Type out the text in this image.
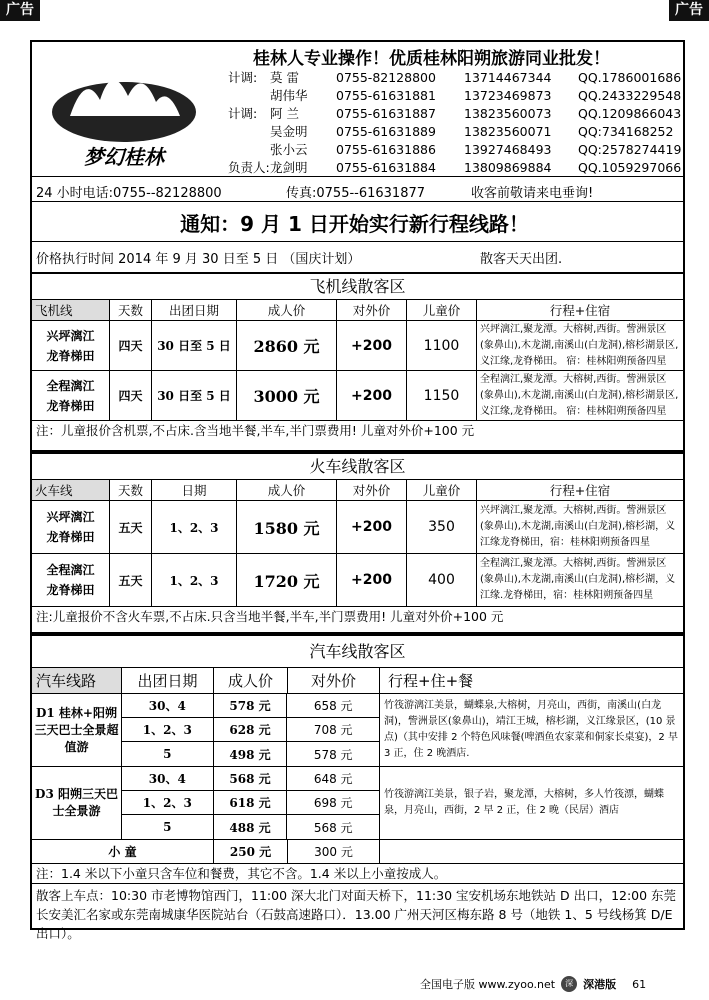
广告	广告
梦幻桂林
桂林人专业操作！优质桂林阳朔旅游同业批发！
计调:	莫 雷	0755-82128800	13714467344	QQ.1786001686
胡伟华	0755-61631881	13723469873	QQ.2433229548
计调:	阿 兰	0755-61631887	13823560073	QQ.1209866043
吴金明	0755-61631889	13823560071	QQ:734168252
张小云	0755-61631886	13927468493	QQ:2578274419
负责人: 龙剑明	0755-61631884	13809869884	QQ.1059297066
24 小时电话:0755--82128800	传真:0755--61631877	收客前敬请来电垂询!
通知：9 月 1 日开始实行新行程线路！
价格执行时间 2014 年 9 月 30 日至 5 日 （国庆计划）	散客天天出团.
飞机线散客区
飞机线	天数	出团日期	成人价	对外价	儿童价	行程+住宿
兴坪漓江
龙脊梯田
四天	30 日至 5 日	2860 元	+200	1100
兴坪漓江,聚龙潭。大榕树,西街。訾洲景区(象鼻山),木龙湖,南溪山(白龙洞),榕杉湖景区,义江缘,龙脊梯田。 宿：桂林阳朔预备四星
全程漓江
龙脊梯田
四天	30 日至 5 日	3000 元	+200	1150
全程漓江,聚龙潭。大榕树,西街。訾洲景区(象鼻山),木龙湖,南溪山(白龙洞),榕杉湖景区,义江缘,龙脊梯田。 宿：桂林阳朔预备四星
注：儿童报价含机票,不占床.含当地半餐,半车,半门票费用! 儿童对外价+100 元
火车线散客区
火车线	天数	日期	成人价	对外价	儿童价	行程+住宿
兴坪漓江
龙脊梯田
五天	1、2、3	1580 元	+200	350
兴坪漓江,聚龙潭。大榕树,西街。訾洲景区(象鼻山),木龙湖,南溪山(白龙洞),榕杉湖，义江缘龙脊梯田，宿：桂林阳朔预备四星
全程漓江
龙脊梯田
五天	1、2、3	1720 元	+200	400
全程漓江,聚龙潭。大榕树,西街。訾洲景区(象鼻山),木龙湖,南溪山(白龙洞),榕杉湖，义江缘.龙脊梯田，宿：桂林阳朔预备四星
注:儿童报价不含火车票,不占床.只含当地半餐,半车,半门票费用! 儿童对外价+100 元
汽车线散客区
汽车线路	出团日期	成人价	对外价	行程+住+餐
D1 桂林+阳朔三天巴士全景超值游
30、4	578 元	658 元
1、2、3	628 元	708 元
5	498 元	578 元
竹筏游漓江美景，蝴蝶泉,大榕树，月亮山，西街，南溪山(白龙洞)，訾洲景区(象鼻山)，靖江王城，榕杉湖，义江缘景区，(10 景点)（其中安排 2 个特色风味餐(啤酒鱼农家菜和侗家长桌宴)，2 早 3 正，住 2 晚酒店.
D3 阳朔三天巴士全景游
30、4	568 元	648 元
1、2、3	618 元	698 元
5	488 元	568 元
竹筏游漓江美景，银子岩，聚龙潭，大榕树，多人竹筏漂，蝴蝶泉，月亮山，西街，2 早 2 正，住 2 晚（民居）酒店
小 童	250 元	300 元
注：1.4 米以下小童只含车位和餐费，其它不含。1.4 米以上小童按成人。
散客上车点：10:30 市老博物馆西门，11:00 深大北门对面天桥下，11:30 宝安机场东地铁站 D 出口，12:00 东莞长安美汇名家或东莞南城康华医院站台（石鼓高速路口）．13.00 广州天河区梅东路 8 号（地铁 1、5 号线杨箕 D/E 出口）。
全国电子版 www.zyoo.net	深 深港版 61
